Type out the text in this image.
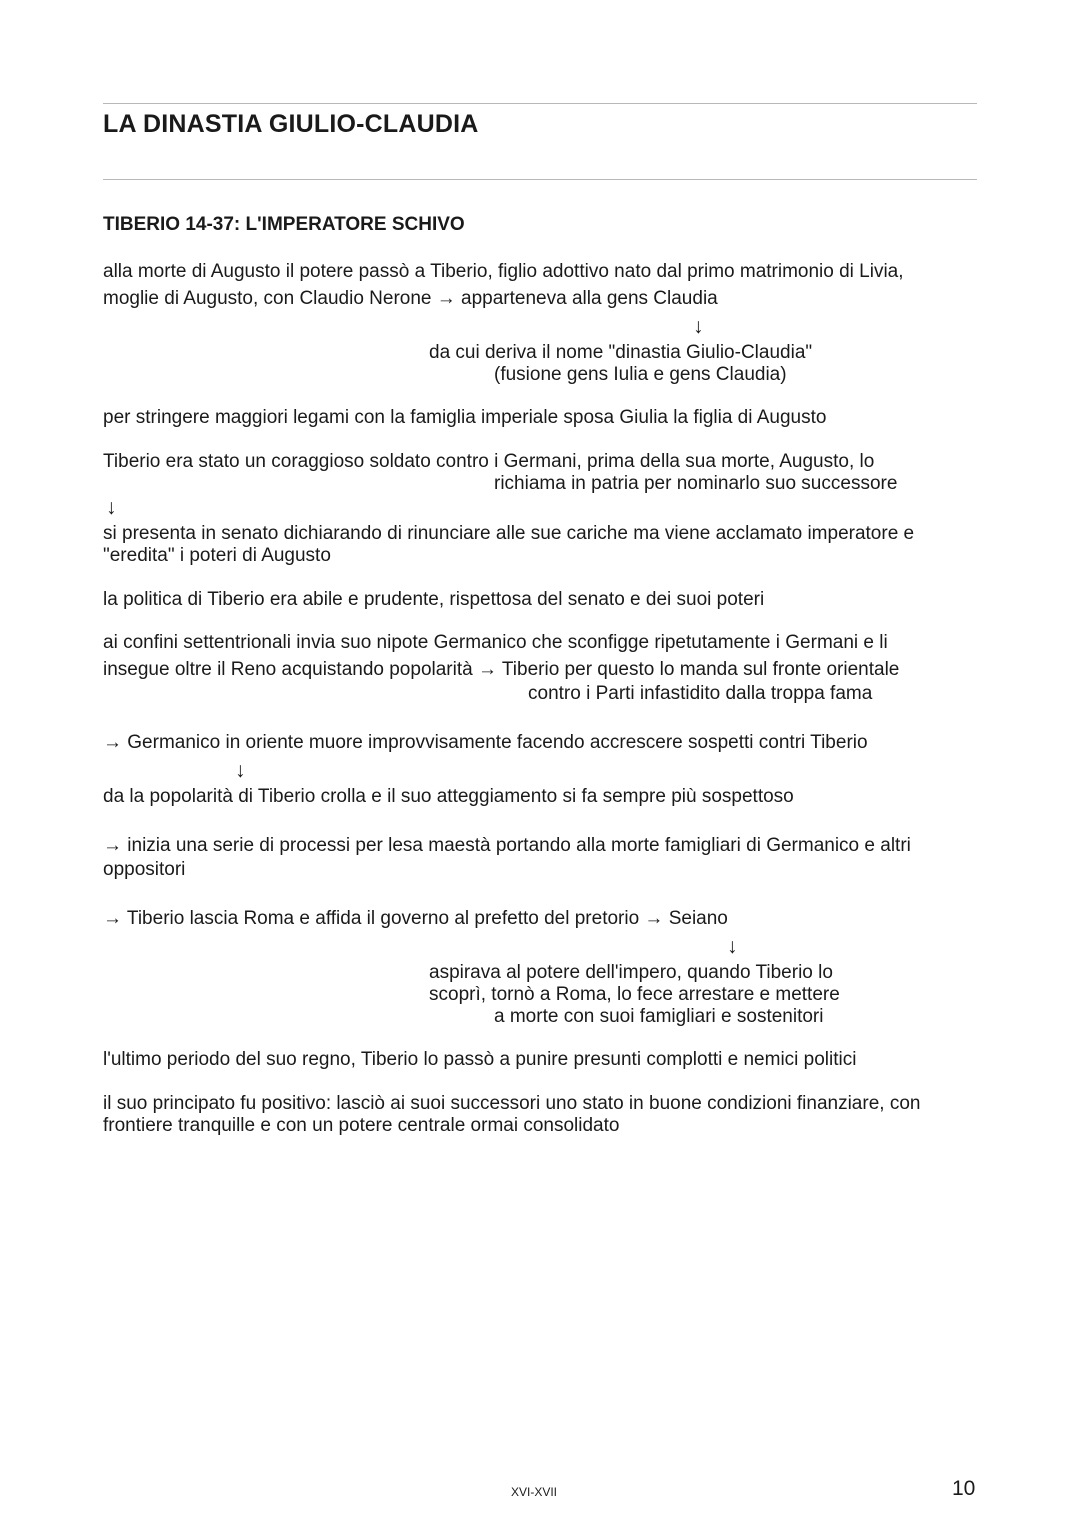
LA DINASTIA GIULIO-CLAUDIA
TIBERIO 14-37: L'IMPERATORE SCHIVO

alla morte di Augusto il potere passò a Tiberio, figlio adottivo nato dal primo matrimonio di Livia,

moglie di Augusto, con Claudio Nerone → apparteneva alla gens Claudia

↓

da cui deriva il nome "dinastia Giulio-Claudia"

(fusione gens Iulia e gens Claudia)

per stringere maggiori legami con la famiglia imperiale sposa Giulia la figlia di Augusto

Tiberio era stato un coraggioso soldato contro i Germani, prima della sua morte, Augusto, lo

richiama in patria per nominarlo suo successore

↓

si presenta in senato dichiarando di rinunciare alle sue cariche ma viene acclamato imperatore e

"eredita" i poteri di Augusto

la politica di Tiberio era abile e prudente, rispettosa del senato e dei suoi poteri

ai confini settentrionali invia suo nipote Germanico che sconfigge ripetutamente i Germani e li

insegue oltre il Reno acquistando popolarità → Tiberio per questo lo manda sul fronte orientale

contro i Parti infastidito dalla troppa fama

→ Germanico in oriente muore improvvisamente facendo accrescere sospetti contri Tiberio

↓

da la popolarità di Tiberio crolla e il suo atteggiamento si fa sempre più sospettoso

→ inizia una serie di processi per lesa maestà portando alla morte famigliari di Germanico e altri

oppositori

→ Tiberio lascia Roma e affida il governo al prefetto del pretorio → Seiano

↓

aspirava al potere dell'impero, quando Tiberio lo

scoprì, tornò a Roma, lo fece arrestare e mettere

a morte con suoi famigliari e sostenitori

l'ultimo periodo del suo regno, Tiberio lo passò a punire presunti complotti e nemici politici

il suo principato fu positivo: lasciò ai suoi successori uno stato in buone condizioni finanziare, con

frontiere tranquille e con un potere centrale ormai consolidato

XVI-XVII	10
